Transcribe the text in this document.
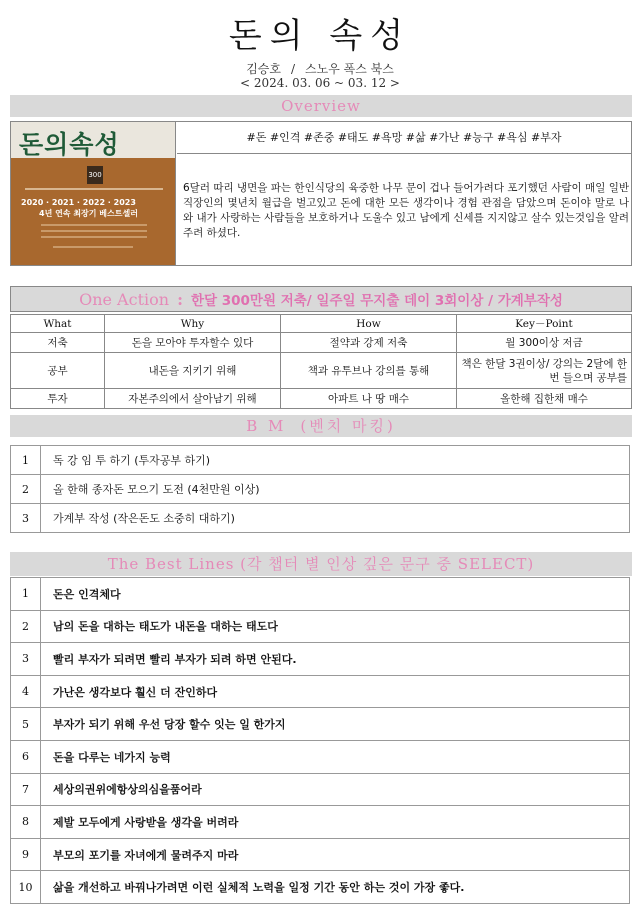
돈의 속성
김승호 / 스노우 폭스 북스
< 2024. 03. 06 ~ 03. 12 >
Overview
돈의속성
300
2020 · 2021 · 2022 · 2023
4년 연속 최장기 베스트셀러
#돈 #인격 #존중 #태도 #욕망 #삶 #가난 #능구 #욕심 #부자
6달러 따리 냉면을 파는 한인식당의 육중한 나무 문이 겁나 들어가려다 포기했던 사람이 매일 일반 직장인의 몇년치 월급을 벌고있고 돈에 대한 모든 생각이나 경험 관점을 담았으며 돈이야 말로 나와 내가 사랑하는 사람들을 보호하거나 도울수 있고 남에게 신세를 지지않고 살수 있는것임을 알려주려 하셨다.
One Action : 한달 300만원 저축/ 일주일 무지출 데이 3회이상 / 가계부작성
What	Why	How	Key－Point
저축	돈을 모아야 투자할수 있다	절약과 강제 저축	월 300이상 저금
공부	내돈을 지키기 위해	책과 유투브나 강의를 통해	책은 한달 3권이상/ 강의는 2달에 한번 들으며 공부를
투자	자본주의에서 살아남기 위해	아파트 나 땅 매수	올한해 집한채 매수
B M (벤치 마킹)
1	독 강 임 투 하기 (투자공부 하기)
2	올 한해 종자돈 모으기 도전 (4천만원 이상)
3	가계부 작성 (작은돈도 소중히 대하기)
The Best Lines (각 챕터 별 인상 깊은 문구 중 SELECT)
1	돈은 인격체다
2	남의 돈을 대하는 태도가 내돈을 대하는 태도다
3	빨리 부자가 되려면 빨리 부자가 되려 하면 안된다.
4	가난은 생각보다 훨신 더 잔인하다
5	부자가 되기 위해 우선 당장 할수 잇는 일 한가지
6	돈을 다루는 네가지 능력
7	세상의권위에항상의심을품어라
8	제발 모두에게 사랑받을 생각을 버려라
9	부모의 포기를 자녀에게 물려주지 마라
10	삶을 개선하고 바꿔나가려면 이런 실체적 노력을 일정 기간 동안 하는 것이 가장 좋다.
